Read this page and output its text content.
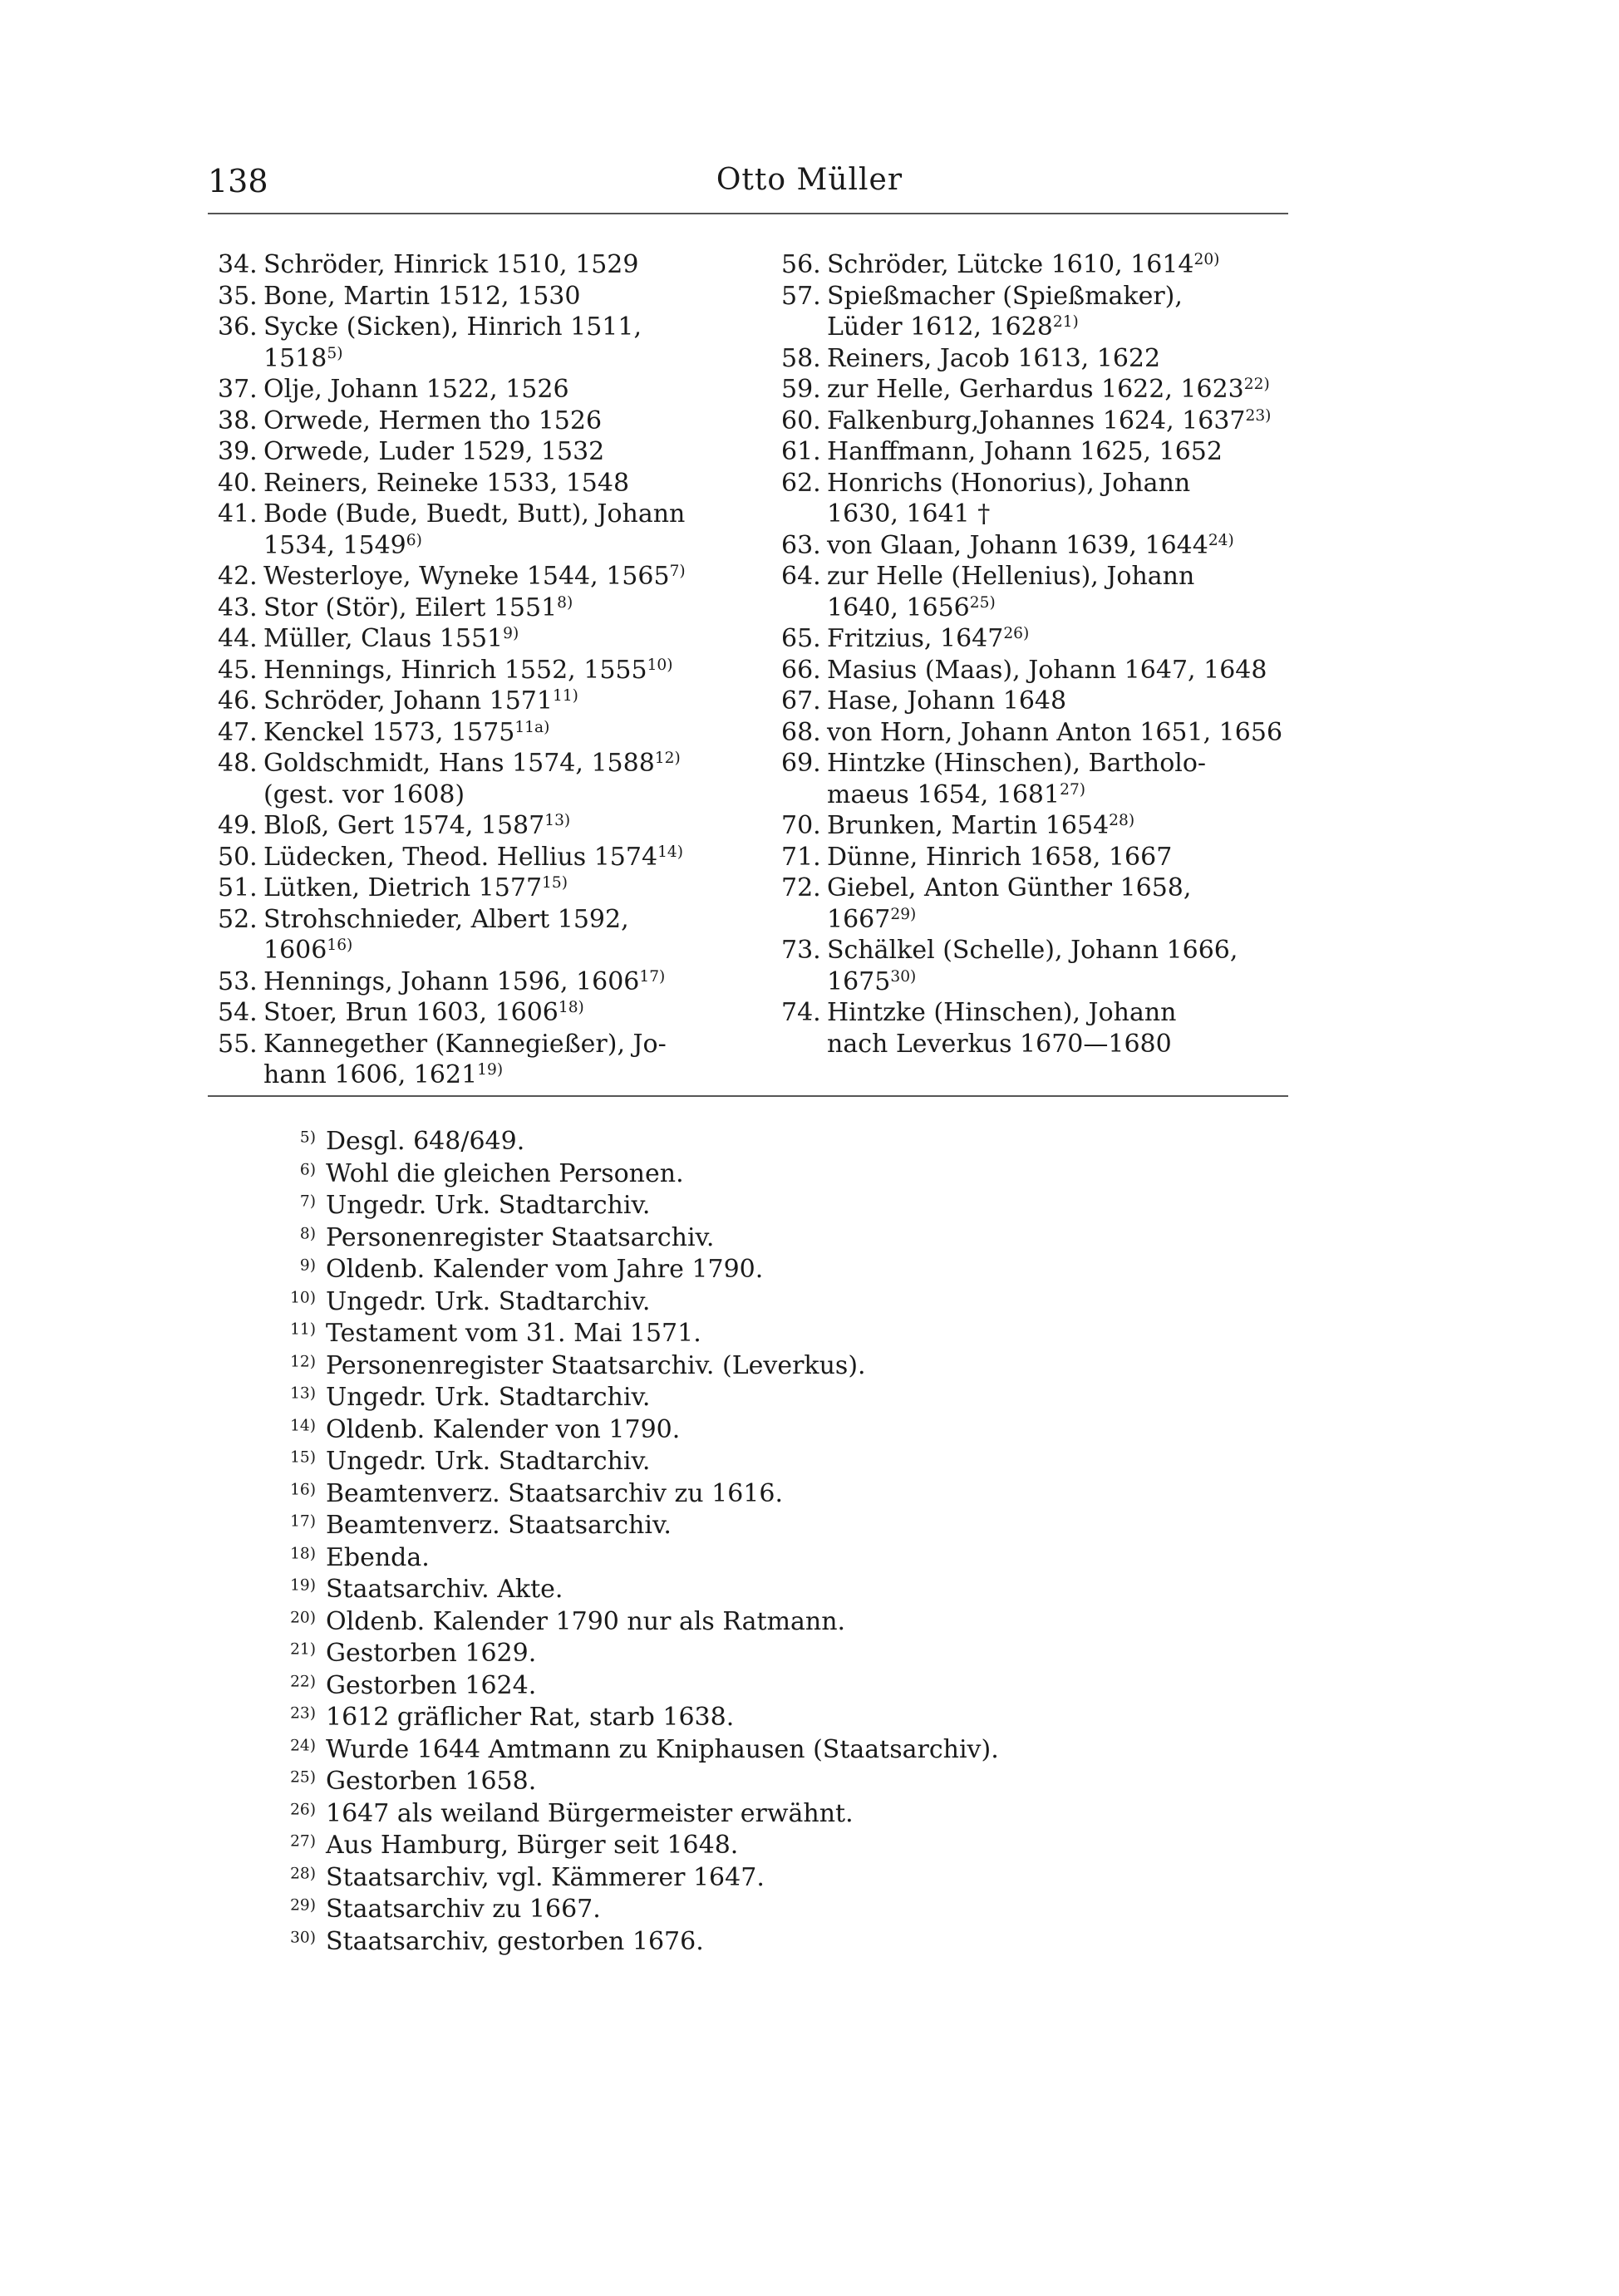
138	Otto Müller
34. Schröder, Hinrick 1510, 1529
35. Bone, Martin 1512, 1530
36. Sycke (Sicken), Hinrich 1511,
1518$^{5)}$
37. Olje, Johann 1522, 1526
38. Orwede, Hermen tho 1526
39. Orwede, Luder 1529, 1532
40. Reiners, Reineke 1533, 1548
41. Bode (Bude, Buedt, Butt), Johann
1534, 1549$^{6)}$
42. Westerloye, Wyneke 1544, 1565$^{7)}$
43. Stor (Stör), Eilert 1551$^{8)}$
44. Müller, Claus 1551$^{9)}$
45. Hennings, Hinrich 1552, 1555$^{10)}$
46. Schröder, Johann 1571$^{11)}$
47. Kenckel 1573, $1575^{11a)}$
48. Goldschmidt, Hans 1574, 1588$^{12)}$
(gest. vor 1608)
49. Bloß, Gert 1574, 1587$^{13)}$
50. Lüdecken, Theod. Hellius 1574$^{14)}$
51. Lütken, Dietrich 1577$^{15)}$
52. Strohschnieder, Albert 1592,
1606$^{16)}$
53. Hennings, Johann 1596, 1606$^{17)}$
54. Stoer, Brun 1603, 1606$^{18)}$
55. Kannegether (Kannegießer), Jo-
hann 1606, 1621$^{19)}$
56. Schröder, Lütcke 1610, 1614$^{20)}$
57. Spießmacher (Spießmaker),
Lüder 1612, 1628$^{21)}$
58. Reiners, Jacob 1613, 1622
59. zur Helle, Gerhardus 1622, 1623$^{22)}$
60. Falkenburg,Johannes 1624, 1637$^{23)}$
61. Hanffmann, Johann 1625, 1652
62. Honrichs (Honorius), Johann
1630, 1641 †
63. von Glaan, Johann 1639, 1644$^{24)}$
64. zur Helle (Hellenius), Johann
1640, 1656$^{25)}$
65. Fritzius, 1647$^{26)}$
66. Masius (Maas), Johann 1647, 1648
67. Hase, Johann 1648
68. von Horn, Johann Anton 1651, 1656
69. Hintzke (Hinschen), Bartholo-
maeus 1654, 1681$^{27)}$
70. Brunken, Martin 1654$^{28)}$
71. Dünne, Hinrich 1658, 1667
72. Giebel, Anton Günther 1658,
1667$^{29)}$
73. Schälkel (Schelle), Johann 1666,
1675$^{30)}$
74. Hintzke (Hinschen), Johann
nach Leverkus 1670—1680
$^{5)}$ Desgl. 648/649.
$^{6)}$ Wohl die gleichen Personen.
$^{7)}$ Ungedr. Urk. Stadtarchiv.
$^{8)}$ Personenregister Staatsarchiv.
$^{9)}$ Oldenb. Kalender vom Jahre 1790.
$^{10)}$ Ungedr. Urk. Stadtarchiv.
$^{11)}$ Testament vom 31. Mai 1571.
$^{12)}$ Personenregister Staatsarchiv. (Leverkus).
$^{13)}$ Ungedr. Urk. Stadtarchiv.
$^{14)}$ Oldenb. Kalender von 1790.
$^{15)}$ Ungedr. Urk. Stadtarchiv.
$^{16)}$ Beamtenverz. Staatsarchiv zu 1616.
$^{17)}$ Beamtenverz. Staatsarchiv.
$^{18)}$ Ebenda.
$^{19)}$ Staatsarchiv. Akte.
$^{20)}$ Oldenb. Kalender 1790 nur als Ratmann.
$^{21)}$ Gestorben 1629.
$^{22)}$ Gestorben 1624.
$^{23)}$ 1612 gräflicher Rat, starb 1638.
$^{24)}$ Wurde 1644 Amtmann zu Kniphausen (Staatsarchiv).
$^{25)}$ Gestorben 1658.
$^{26)}$ 1647 als weiland Bürgermeister erwähnt.
$^{27)}$ Aus Hamburg, Bürger seit 1648.
$^{28)}$ Staatsarchiv, vgl. Kämmerer 1647.
$^{29)}$ Staatsarchiv zu 1667.
$^{30)}$ Staatsarchiv, gestorben 1676.
